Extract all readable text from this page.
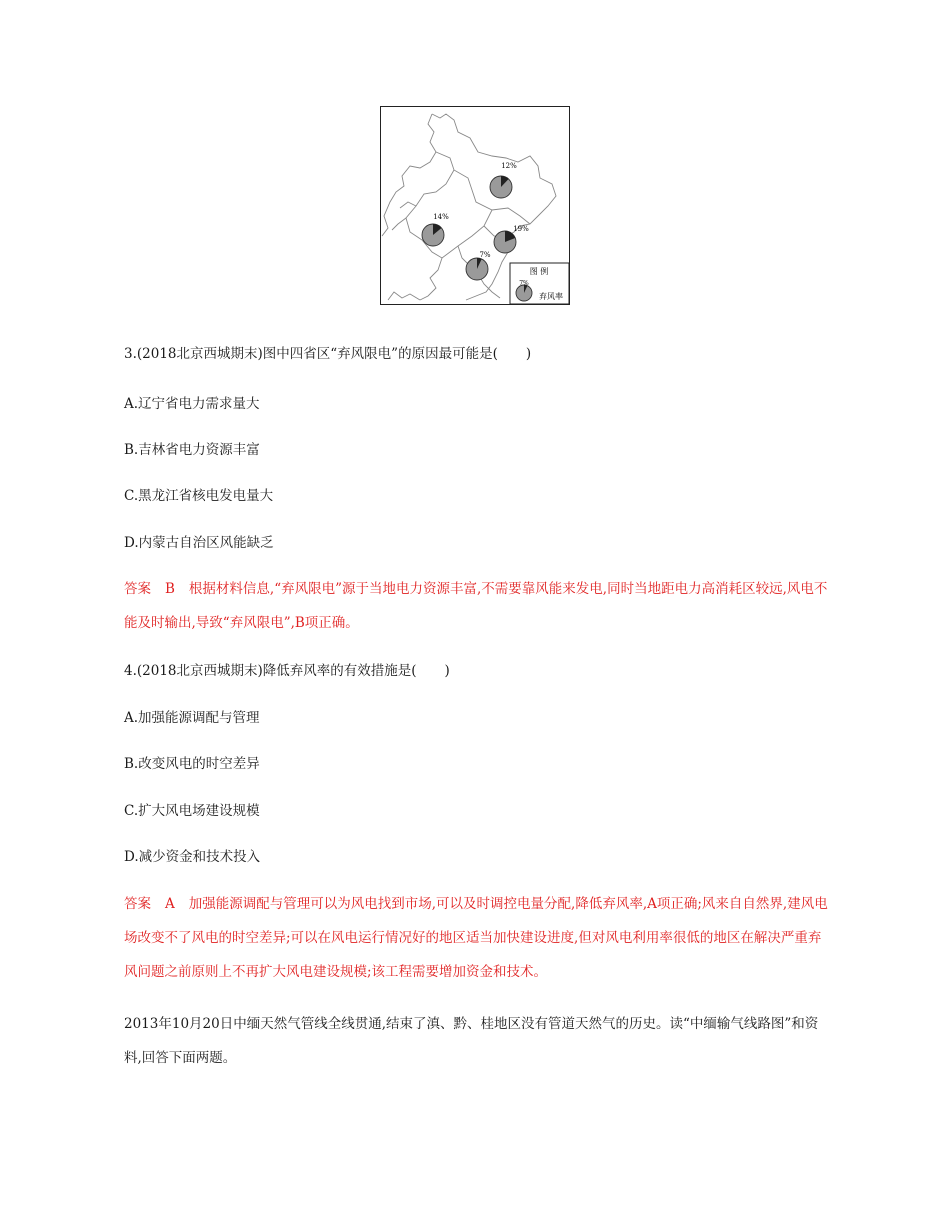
12%
14%
19%
7%
图 例
7%
弃风率
3.(2018北京西城期末)图中四省区“弃风限电”的原因最可能是( )
A.辽宁省电力需求量大
B.吉林省电力资源丰富
C.黑龙江省核电发电量大
D.内蒙古自治区风能缺乏
答案 B 根据材料信息,“弃风限电”源于当地电力资源丰富,不需要靠风能来发电,同时当地距电力高消耗区较远,风电不能及时输出,导致“弃风限电”,B项正确。
4.(2018北京西城期末)降低弃风率的有效措施是( )
A.加强能源调配与管理
B.改变风电的时空差异
C.扩大风电场建设规模
D.减少资金和技术投入
答案 A 加强能源调配与管理可以为风电找到市场,可以及时调控电量分配,降低弃风率,A项正确;风来自自然界,建风电场改变不了风电的时空差异;可以在风电运行情况好的地区适当加快建设进度,但对风电利用率很低的地区在解决严重弃风问题之前原则上不再扩大风电建设规模;该工程需要增加资金和技术。
2013年10月20日中缅天然气管线全线贯通,结束了滇、黔、桂地区没有管道天然气的历史。读“中缅输气线路图”和资料,回答下面两题。
